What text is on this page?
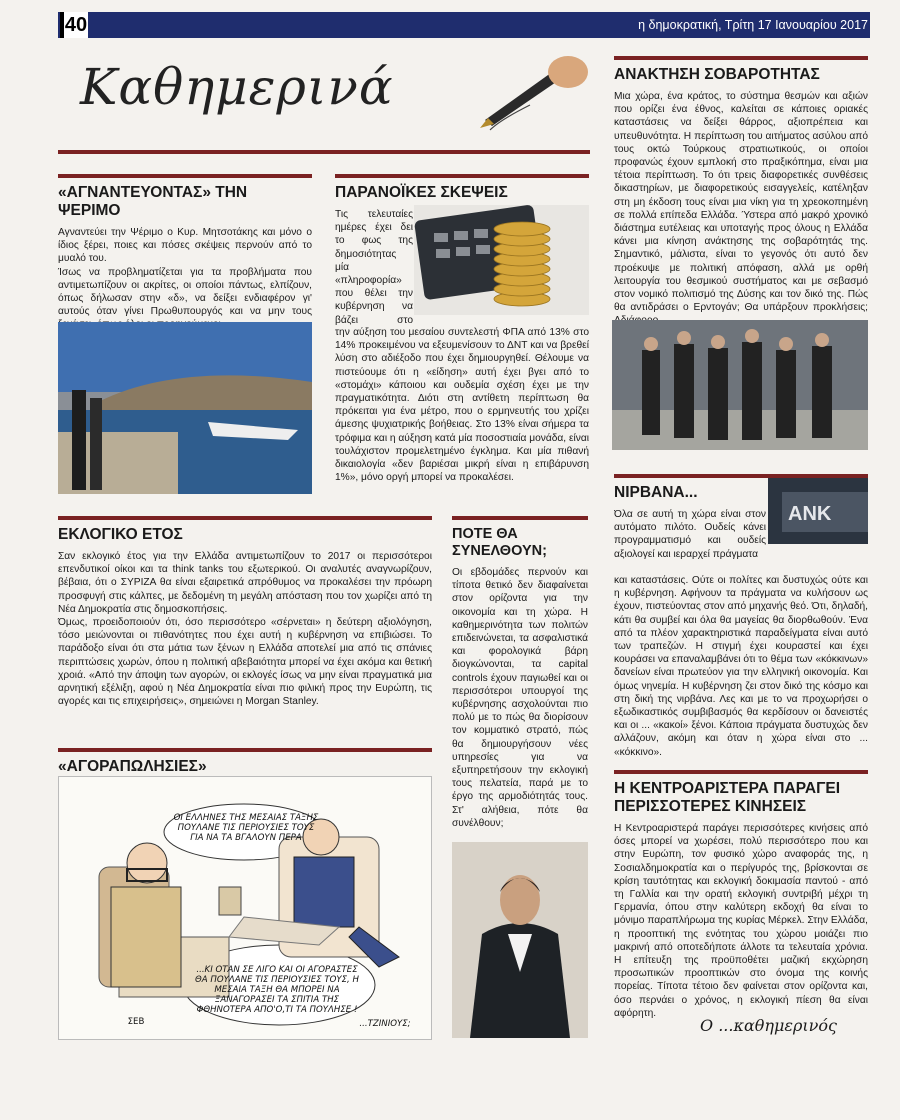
40	η δημοκρατική, Τρίτη 17 Ιανουαρίου 2017
Καθημερινά
«ΑΓΝΑΝΤΕΥΟΝΤΑΣ» ΤΗΝ ΨΕΡΙΜΟ

Αγναντεύει την Ψέριμο ο Κυρ. Μητσοτάκης και μόνο ο ίδιος ξέρει, ποιες και πόσες σκέψεις περνούν από το μυαλό του.

Ίσως να προβληματίζεται για τα προβλήματα που αντιμετωπίζουν οι ακρίτες, οι οποίοι πάντως, ελπίζουν, όπως δήλωσαν στην «δ», να δείξει ενδιαφέρον γι' αυτούς όταν γίνει Πρωθυπουργός και να μην τους

ΠΑΡΑΝΟΪΚΕΣ ΣΚΕΨΕΙΣ
Τις τελευταίες ημέρες έχει δει το φως της δημοσιότητας μία «πληροφορία» που θέλει την κυβέρνηση να βάζει στο
την αύξηση του μεσαίου συντελεστή ΦΠΑ από 13% στο 14% προκειμένου να εξευμενίσουν το ΔΝΤ και να βρεθεί λύση στο αδιέξοδο που έχει δημιουργηθεί. Θέλουμε να πιστεύουμε ότι η «είδηση» αυτή έχει βγει από το «στομάχι» κάποιου και ουδεμία σχέση έχει με την πραγματικότητα. Διότι στη αντίθετη περίπτωση θα πρόκειται για ένα μέτρο, που ο ερμηνευτής του χρίζει άμεσης ψυχιατρικής βοήθειας. Στο 13% είναι σήμερα τα τρόφιμα και η αύξηση κατά μία ποσοστιαία μονάδα, είναι τουλάχιστον προμελετημένο έγκλημα. Και μία πιθανή δικαιολογία «δεν βαριέσαι μικρή είναι η επιβάρυνση 1%», μόνο οργή μπορεί να προκαλέσει.
ΑΝΑΚΤΗΣΗ ΣΟΒΑΡΟΤΗΤΑΣ
Μια χώρα, ένα κράτος, το σύστημα θεσμών και αξιών που ορίζει ένα έθνος, καλείται σε κάποιες οριακές καταστάσεις να δείξει θάρρος, αξιοπρέπεια και υπευθυνότητα. Η περίπτωση του αιτήματος ασύλου από τους οκτώ Τούρκους στρατιωτικούς, οι οποίοι προφανώς έχουν εμπλοκή στο πραξικόπημα, είναι μια τέτοια περίπτωση. Το ότι τρεις διαφορετικές συνθέσεις δικαστηρίων, με διαφορετικούς εισαγγελείς, κατέληξαν στη μη έκδοση τους είναι μια νίκη για τη χρεοκοπημένη σε πολλά επίπεδα Ελλάδα. Ύστερα από μακρό χρονικό διάστημα ευτέλειας και υποταγής προς όλους η Ελλάδα κάνει μια κίνηση ανάκτησης της σοβαρότητάς της. Σημαντικό, μάλιστα, είναι το γεγονός ότι αυτό δεν προέκυψε με πολιτική απόφαση, αλλά με ορθή λειτουργία του θεσμικού συστήματος και με σεβασμό στον νομικό πολιτισμό της Δύσης και τον δικό της. Πώς θα αντιδράσει ο Ερντογάν; Θα υπάρξουν προκλήσεις;
ΝΙΡΒΑΝΑ...
Όλα σε αυτή τη χώρα είναι στον αυτόματο πιλότο. Ουδείς κάνει προγραμματισμό και ουδείς αξιολογεί και ιεραρχεί πράγματα
και καταστάσεις. Ούτε οι πολίτες και δυστυχώς ούτε και η κυβέρνηση. Αφήνουν τα πράγματα να κυλήσουν ως έχουν, πιστεύοντας στον από μηχανής θεό. Ότι, δηλαδή, κάτι θα συμβεί και όλα θα μαγείας θα διορθωθούν. Ένα από τα πλέον χαρακτηριστικά παραδείγματα είναι αυτό των τραπεζών. Η στιγμή έχει κουραστεί και έχει κουράσει να επαναλαμβάνει ότι το θέμα των «κόκκινων» δανείων είναι πρωτεύον για την ελληνική οικονομία. Και όμως νηνεμία. Η κυβέρνηση ζει στον δικό της κόσμο και στη δική της νιρβάνα. Λες και με το να προχωρήσει ο εξωδικαστικός συμβιβασμός θα κερδίσουν οι δανειστές και οι ... «κακοί» ξένοι. Κάποια πράγματα δυστυχώς δεν αλλάζουν, ακόμη και όταν η χώρα είναι στο ... «κόκκινο».
ANK
ΕΚΛΟΓΙΚΟ ΕΤΟΣ

Σαν εκλογικό έτος για την Ελλάδα αντιμετωπίζουν το 2017 οι περισσότεροι επενδυτικοί οίκοι και τα think tanks του εξωτερικού. Οι αναλυτές αναγνωρίζουν, βέβαια, ότι ο ΣΥΡΙΖΑ θα είναι εξαιρετικά απρόθυμος να προκαλέσει την πρόωρη προσφυγή στις κάλπες, με δεδομένη τη μεγάλη απόσταση που τον χωρίζει από τη Νέα Δημοκρατία στις δημοσκοπήσεις.

Όμως, προειδοποιούν ότι, όσο περισσότερο «σέρνεται» η δεύτερη αξιολόγηση, τόσο μειώνονται οι πιθανότητες που έχει αυτή η κυβέρνηση να επιβιώσει. Το παράδοξο είναι ότι στα μάτια των ξένων η Ελλάδα αποτελεί μια από τις σπάνιες περιπτώσεις χωρών, όπου η πολιτική αβεβαιότητα μπορεί να έχει ακόμα και θετική χροιά. «Από την άποψη των αγορών, οι εκλογές ίσως να μην είναι πραγματικά μια αρνητική εξέλιξη, αφού η Νέα Δημοκρατία είναι πιο φιλική προς την Ευρώπη, τις αγορές και τις επιχειρήσεις», σημειώνει η Morgan Stanley.

ΠΟΤΕ ΘΑ ΣΥΝΕΛΘΟΥΝ;
Οι εβδομάδες περνούν και τίποτα θετικό δεν διαφαίνεται στον ορίζοντα για την οικονομία και τη χώρα. Η καθημερινότητα των πολιτών επιδεινώνεται, τα ασφαλιστικά και φορολογικά βάρη διογκώνονται, τα capital controls έχουν παγιωθεί και οι περισσότεροι υπουργοί της κυβέρνησης ασχολούνται πιο πολύ με το πώς θα διορίσουν τον κομματικό στρατό, πώς θα δημιουργήσουν νέες υπηρεσίες για να εξυπηρετήσουν την εκλογική τους πελατεία, παρά με το έργο της αρμοδιότητάς τους. Στ' αλήθεια, πότε θα συνέλθουν;
«ΑΓΟΡΑΠΩΛΗΣΙΕΣ»
ΟΙ ΕΛΛΗΝΕΣ ΤΗΣ ΜΕΣΑΙΑΣ ΤΑΞΗΣ ΠΟΥΛΑΝΕ ΤΙΣ ΠΕΡΙΟΥΣΙΕΣ ΤΟΥΣ ΓΙΑ ΝΑ ΤΑ ΒΓΑΛΟΥΝ ΠΕΡΑ
...ΚΙ ΟΤΑΝ ΣΕ ΛΙΓΟ ΚΑΙ ΟΙ ΑΓΟΡΑΣΤΕΣ ΘΑ ΠΟΥΛΑΝΕ ΤΙΣ ΠΕΡΙΟΥΣΙΕΣ ΤΟΥΣ, Η ΜΕΣΑΙΑ ΤΑΞΗ ΘΑ ΜΠΟΡΕΙ ΝΑ ΞΑΝΑΓΟΡΑΣΕΙ ΤΑ ΣΠΙΤΙΑ ΤΗΣ ΦΘΗΝΟΤΕΡΑ ΑΠΟ'Ο,ΤΙ ΤΑ ΠΟΥΛΗΣΕ !
...ΤΖΙΝΙΟΥΣ;
ΣΕΒ
Η ΚΕΝΤΡΟΑΡΙΣΤΕΡΑ ΠΑΡΑΓΕΙ ΠΕΡΙΣΣΟΤΕΡΕΣ ΚΙΝΗΣΕΙΣ
Η Κεντροαριστερά παράγει περισσότερες κινήσεις από όσες μπορεί να χωρέσει, πολύ περισσότερο που και στην Ευρώπη, τον φυσικό χώρο αναφοράς της, η Σοσιαλδημοκρατία και ο περίγυρός της, βρίσκονται σε κρίση ταυτότητας και εκλογική δοκιμασία παντού - από τη Γαλλία και την ορατή εκλογική συντριβή μέχρι τη Γερμανία, όπου στην καλύτερη εκδοχή θα είναι το μόνιμο παραπλήρωμα της κυρίας Μέρκελ. Στην Ελλάδα, η προοπτική της ενότητας του χώρου μοιάζει πιο μακρινή από οποτεδήποτε άλλοτε τα τελευταία χρόνια. Η επίτευξη της προϋποθέτει μαζική εκχώρηση προσωπικών προοπτικών στο όνομα της κοινής πορείας. Τίποτα τέτοιο δεν φαίνεται στον ορίζοντα και, όσο περνάει ο χρόνος, η εκλογική πίεση θα είναι αφόρητη.
Ο ...καθημερινός
